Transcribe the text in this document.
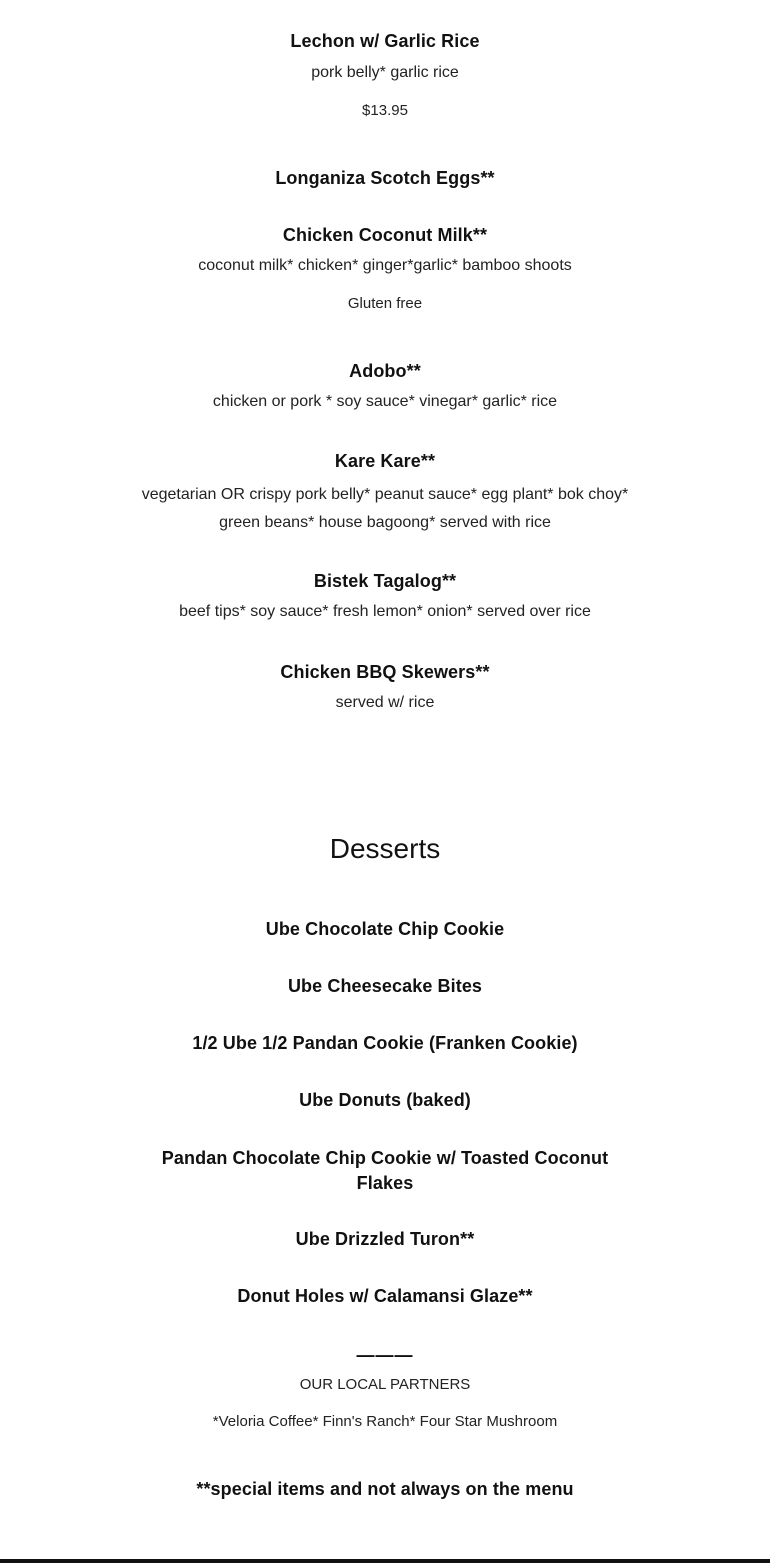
Lechon w/ Garlic Rice
pork belly* garlic rice
$13.95
Longaniza Scotch Eggs**
Chicken Coconut Milk**
coconut milk* chicken* ginger*garlic* bamboo shoots
Gluten free
Adobo**
chicken or pork * soy sauce* vinegar* garlic* rice
Kare Kare**
vegetarian OR crispy pork belly* peanut sauce* egg plant* bok choy* green beans* house bagoong* served with rice
Bistek Tagalog**
beef tips* soy sauce* fresh lemon* onion* served over rice
Chicken BBQ Skewers**
served w/ rice
Desserts
Ube Chocolate Chip Cookie
Ube Cheesecake Bites
1/2 Ube 1/2 Pandan Cookie (Franken Cookie)
Ube Donuts (baked)
Pandan Chocolate Chip Cookie w/ Toasted Coconut Flakes
Ube Drizzled Turon**
Donut Holes w/ Calamansi Glaze**
———
OUR LOCAL PARTNERS
*Veloria Coffee* Finn's Ranch* Four Star Mushroom
**special items and not always on the menu
